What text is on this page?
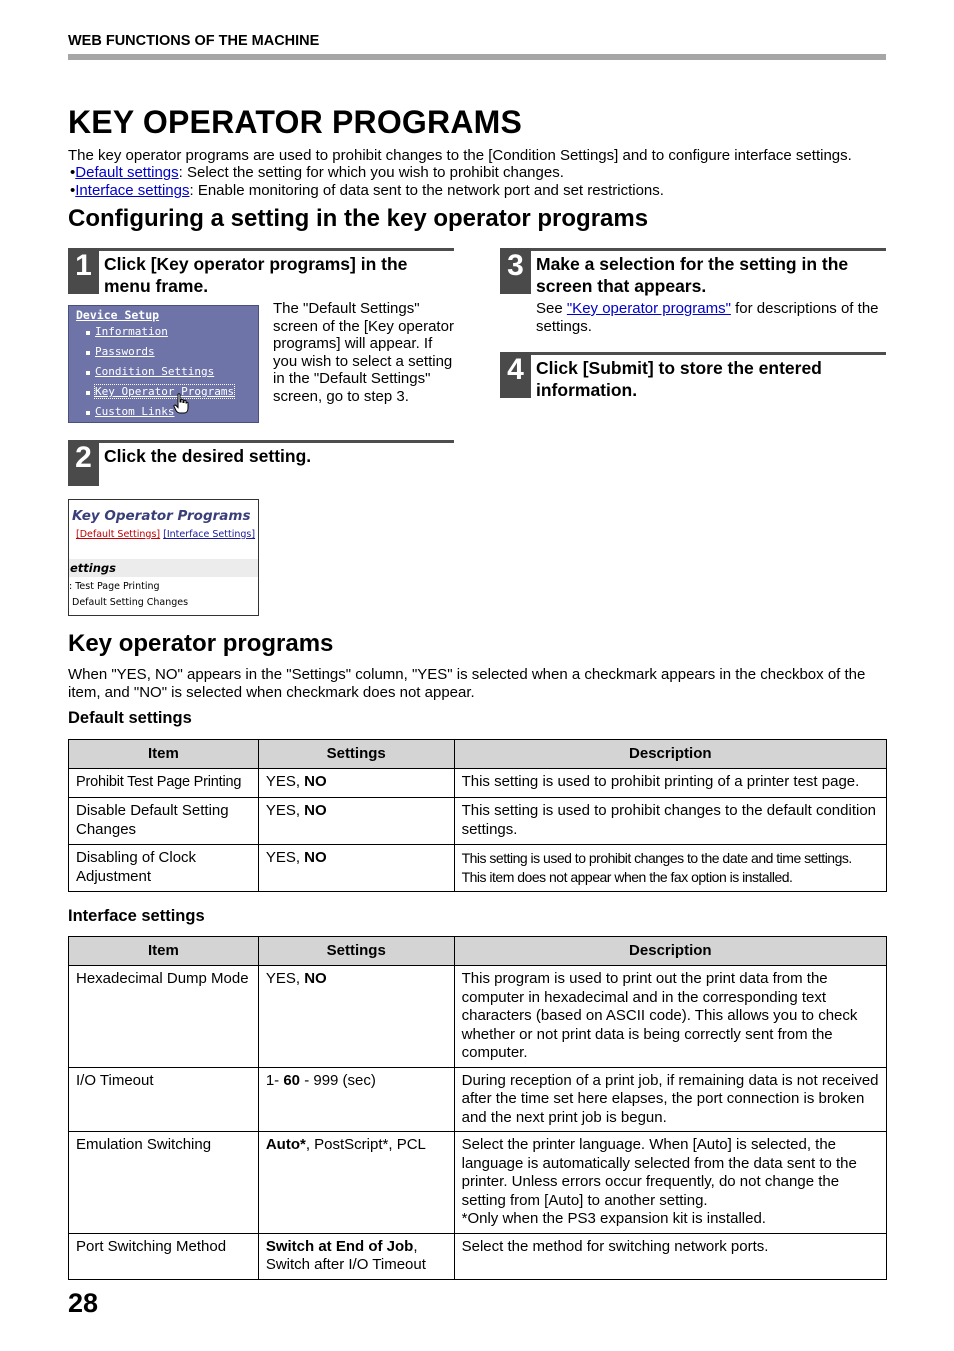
WEB FUNCTIONS OF THE MACHINE
KEY OPERATOR PROGRAMS
The key operator programs are used to prohibit changes to the [Condition Settings] and to configure interface settings.
•Default settings: Select the setting for which you wish to prohibit changes.
•Interface settings: Enable monitoring of data sent to the network port and set restrictions.
Configuring a setting in the key operator programs
1 Click [Key operator programs] in the menu frame.
Device Setup
Information
Passwords
Condition Settings
Key Operator Programs
Custom Links
The "Default Settings" screen of the [Key operator programs] will appear. If you wish to select a setting in the "Default Settings" screen, go to step 3.
2 Click the desired setting.
Key Operator Programs
[Default Settings] [Interface Settings]
ettings
: Test Page Printing
Default Setting Changes
3 Make a selection for the setting in the screen that appears.
See "Key operator programs" for descriptions of the settings.
4 Click [Submit] to store the entered information.
Key operator programs
When "YES, NO" appears in the "Settings" column, "YES" is selected when a checkmark appears in the checkbox of the item, and "NO" is selected when checkmark does not appear.
Default settings
Item	Settings	Description
Prohibit Test Page Printing	YES, NO	This setting is used to prohibit printing of a printer test page.
Disable Default Setting Changes	YES, NO	This setting is used to prohibit changes to the default condition settings.
Disabling of Clock Adjustment	YES, NO	This setting is used to prohibit changes to the date and time settings. This item does not appear when the fax option is installed.
Interface settings
Item	Settings	Description
Hexadecimal Dump Mode	YES, NO	This program is used to print out the print data from the computer in hexadecimal and in the corresponding text characters (based on ASCII code). This allows you to check whether or not print data is being correctly sent from the computer.
I/O Timeout	1- 60 - 999 (sec)	During reception of a print job, if remaining data is not received after the time set here elapses, the port connection is broken and the next print job is begun.
Emulation Switching	Auto*, PostScript*, PCL	Select the printer language. When [Auto] is selected, the language is automatically selected from the data sent to the printer. Unless errors occur frequently, do not change the setting from [Auto] to another setting.
*Only when the PS3 expansion kit is installed.

Port Switching Method	Switch at End of Job, Switch after I/O Timeout	Select the method for switching network ports.
28
